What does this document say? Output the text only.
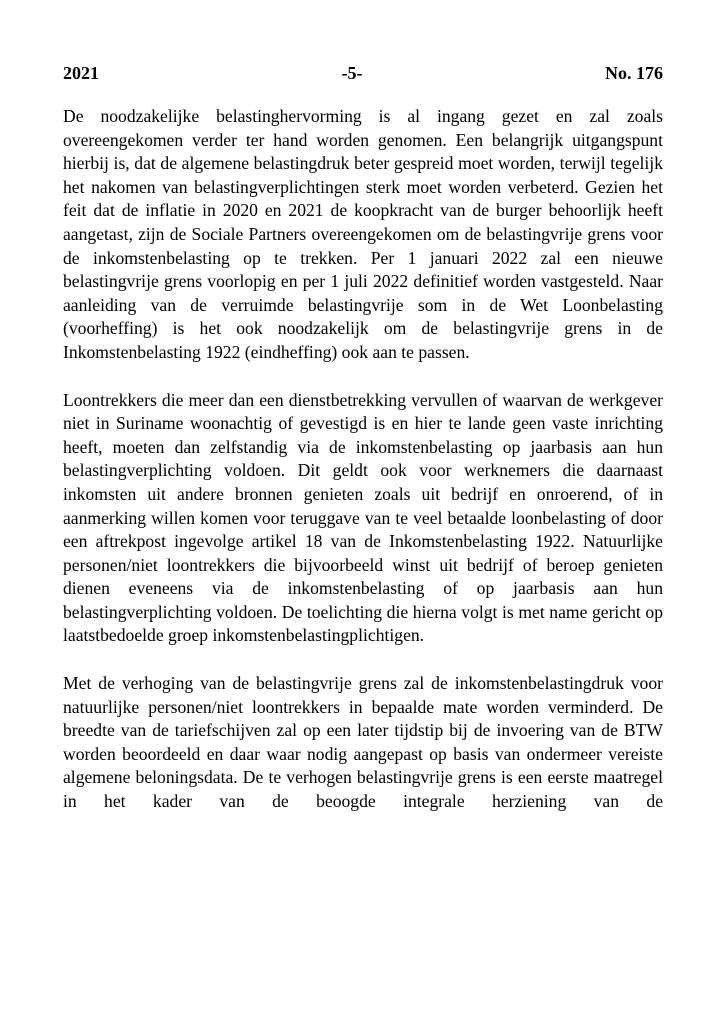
2021	-5-	No. 176

De noodzakelijke belastinghervorming is al ingang gezet en zal zoals overeengekomen verder ter hand worden genomen. Een belangrijk uitgangspunt hierbij is, dat de algemene belastingdruk beter gespreid moet worden, terwijl tegelijk het nakomen van belastingverplichtingen sterk moet worden verbeterd. Gezien het feit dat de inflatie in 2020 en 2021 de koopkracht van de burger behoorlijk heeft aangetast, zijn de Sociale Partners overeengekomen om de belastingvrije grens voor de inkomstenbelasting op te trekken. Per 1 januari 2022 zal een nieuwe belastingvrije grens voorlopig en per 1 juli 2022 definitief worden vastgesteld. Naar aanleiding van de verruimde belastingvrije som in de Wet Loonbelasting (voorheffing) is het ook noodzakelijk om de belastingvrije grens in de Inkomstenbelasting 1922 (eindheffing) ook aan te passen.

Loontrekkers die meer dan een dienstbetrekking vervullen of waarvan de werkgever niet in Suriname woonachtig of gevestigd is en hier te lande geen vaste inrichting heeft, moeten dan zelfstandig via de inkomstenbelasting op jaarbasis aan hun belastingverplichting voldoen. Dit geldt ook voor werknemers die daarnaast inkomsten uit andere bronnen genieten zoals uit bedrijf en onroerend, of in aanmerking willen komen voor teruggave van te veel betaalde loonbelasting of door een aftrekpost ingevolge artikel 18 van de Inkomstenbelasting 1922. Natuurlijke personen/niet loontrekkers die bijvoorbeeld winst uit bedrijf of beroep genieten dienen eveneens via de inkomstenbelasting of op jaarbasis aan hun belastingverplichting voldoen. De toelichting die hierna volgt is met name gericht op laatstbedoelde groep inkomstenbelastingplichtigen.

Met de verhoging van de belastingvrije grens zal de inkomstenbelastingdruk voor natuurlijke personen/niet loontrekkers in bepaalde mate worden verminderd. De breedte van de tariefschijven zal op een later tijdstip bij de invoering van de BTW worden beoordeeld en daar waar nodig aangepast op basis van ondermeer vereiste algemene beloningsdata. De te verhogen belastingvrije grens is een eerste maatregel in het kader van de beoogde integrale herziening van de
